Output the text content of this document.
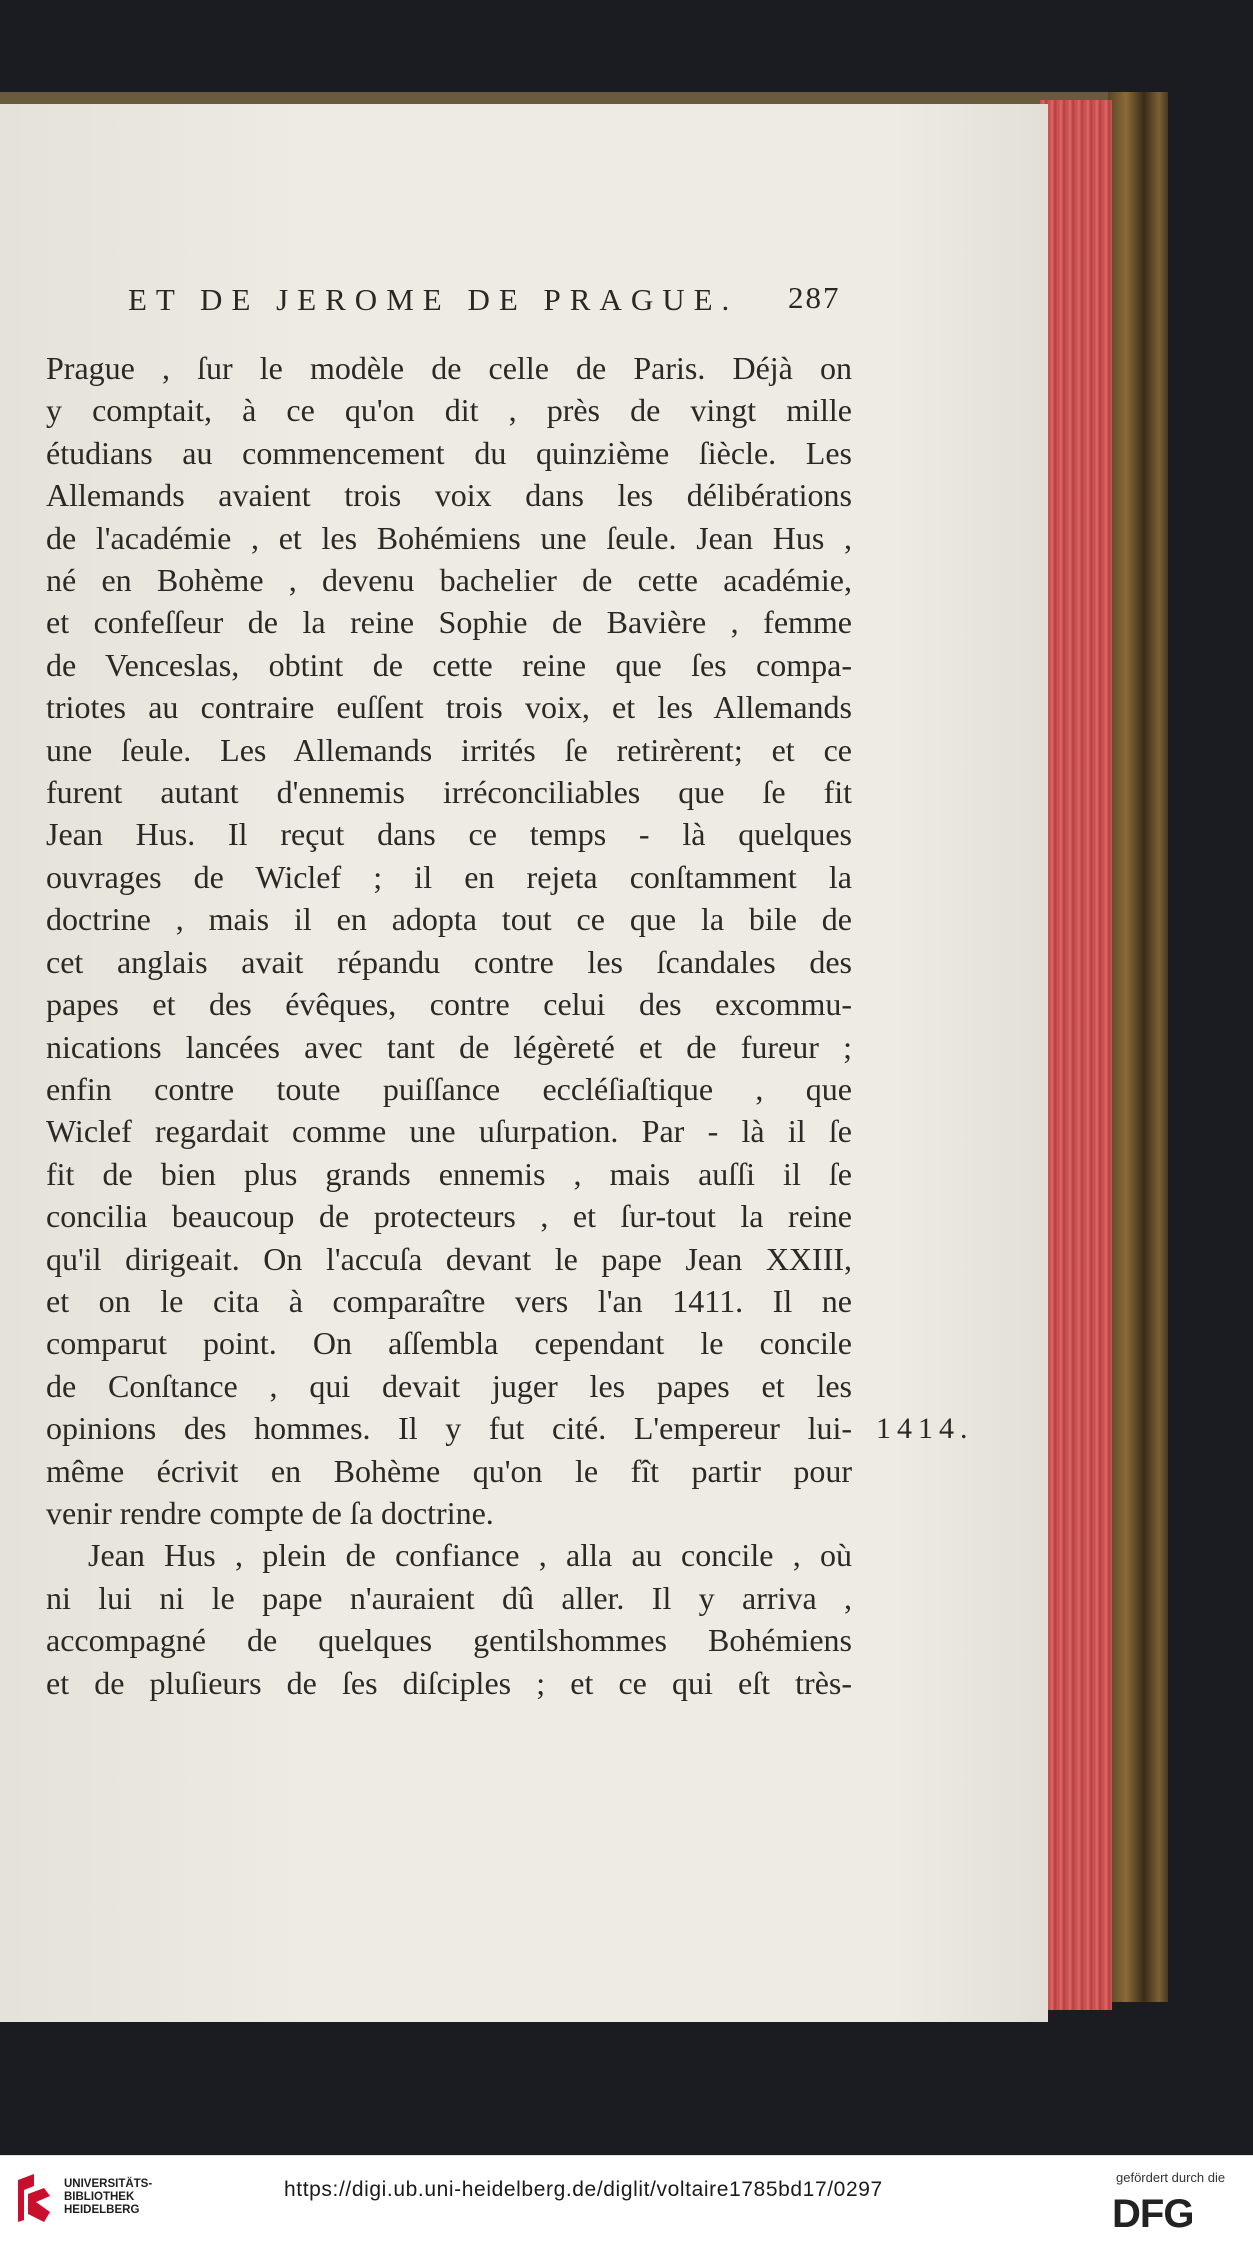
ET DE JEROME DE PRAGUE.	287
Prague , ſur le modèle de celle de Paris. Déjà on
y comptait, à ce qu'on dit , près de vingt mille
étudians au commencement du quinzième ſiècle. Les
Allemands avaient trois voix dans les délibérations
de l'académie , et les Bohémiens une ſeule. Jean Hus ,
né en Bohème , devenu bachelier de cette académie,
et confeſſeur de la reine Sophie de Bavière , femme
de Venceslas, obtint de cette reine que ſes compa-
triotes au contraire euſſent trois voix, et les Allemands
une ſeule. Les Allemands irrités ſe retirèrent; et ce
furent autant d'ennemis irréconciliables que ſe fit
Jean Hus. Il reçut dans ce temps - là quelques
ouvrages de Wiclef ; il en rejeta conſtamment la
doctrine , mais il en adopta tout ce que la bile de
cet anglais avait répandu contre les ſcandales des
papes et des évêques, contre celui des excommu-
nications lancées avec tant de légèreté et de fureur ;
enfin contre toute puiſſance eccléſiaſtique , que
Wiclef regardait comme une uſurpation. Par - là il ſe
fit de bien plus grands ennemis , mais auſſi il ſe
concilia beaucoup de protecteurs , et ſur-tout la reine
qu'il dirigeait. On l'accuſa devant le pape Jean XXIII,
et on le cita à comparaître vers l'an 1411. Il ne
comparut point. On aſſembla cependant le concile
de Conſtance , qui devait juger les papes et les
opinions des hommes. Il y fut cité. L'empereur lui-
même écrivit en Bohème qu'on le fît partir pour
venir rendre compte de ſa doctrine.
Jean Hus , plein de confiance , alla au concile , où
ni lui ni le pape n'auraient dû aller. Il y arriva ,
accompagné de quelques gentilshommes Bohémiens
et de pluſieurs de ſes diſciples ; et ce qui eſt très-
1414.
UNIVERSITÄTS-
BIBLIOTHEK
HEIDELBERG
https://digi.ub.uni-heidelberg.de/diglit/voltaire1785bd17/0297
gefördert durch die
DFG
